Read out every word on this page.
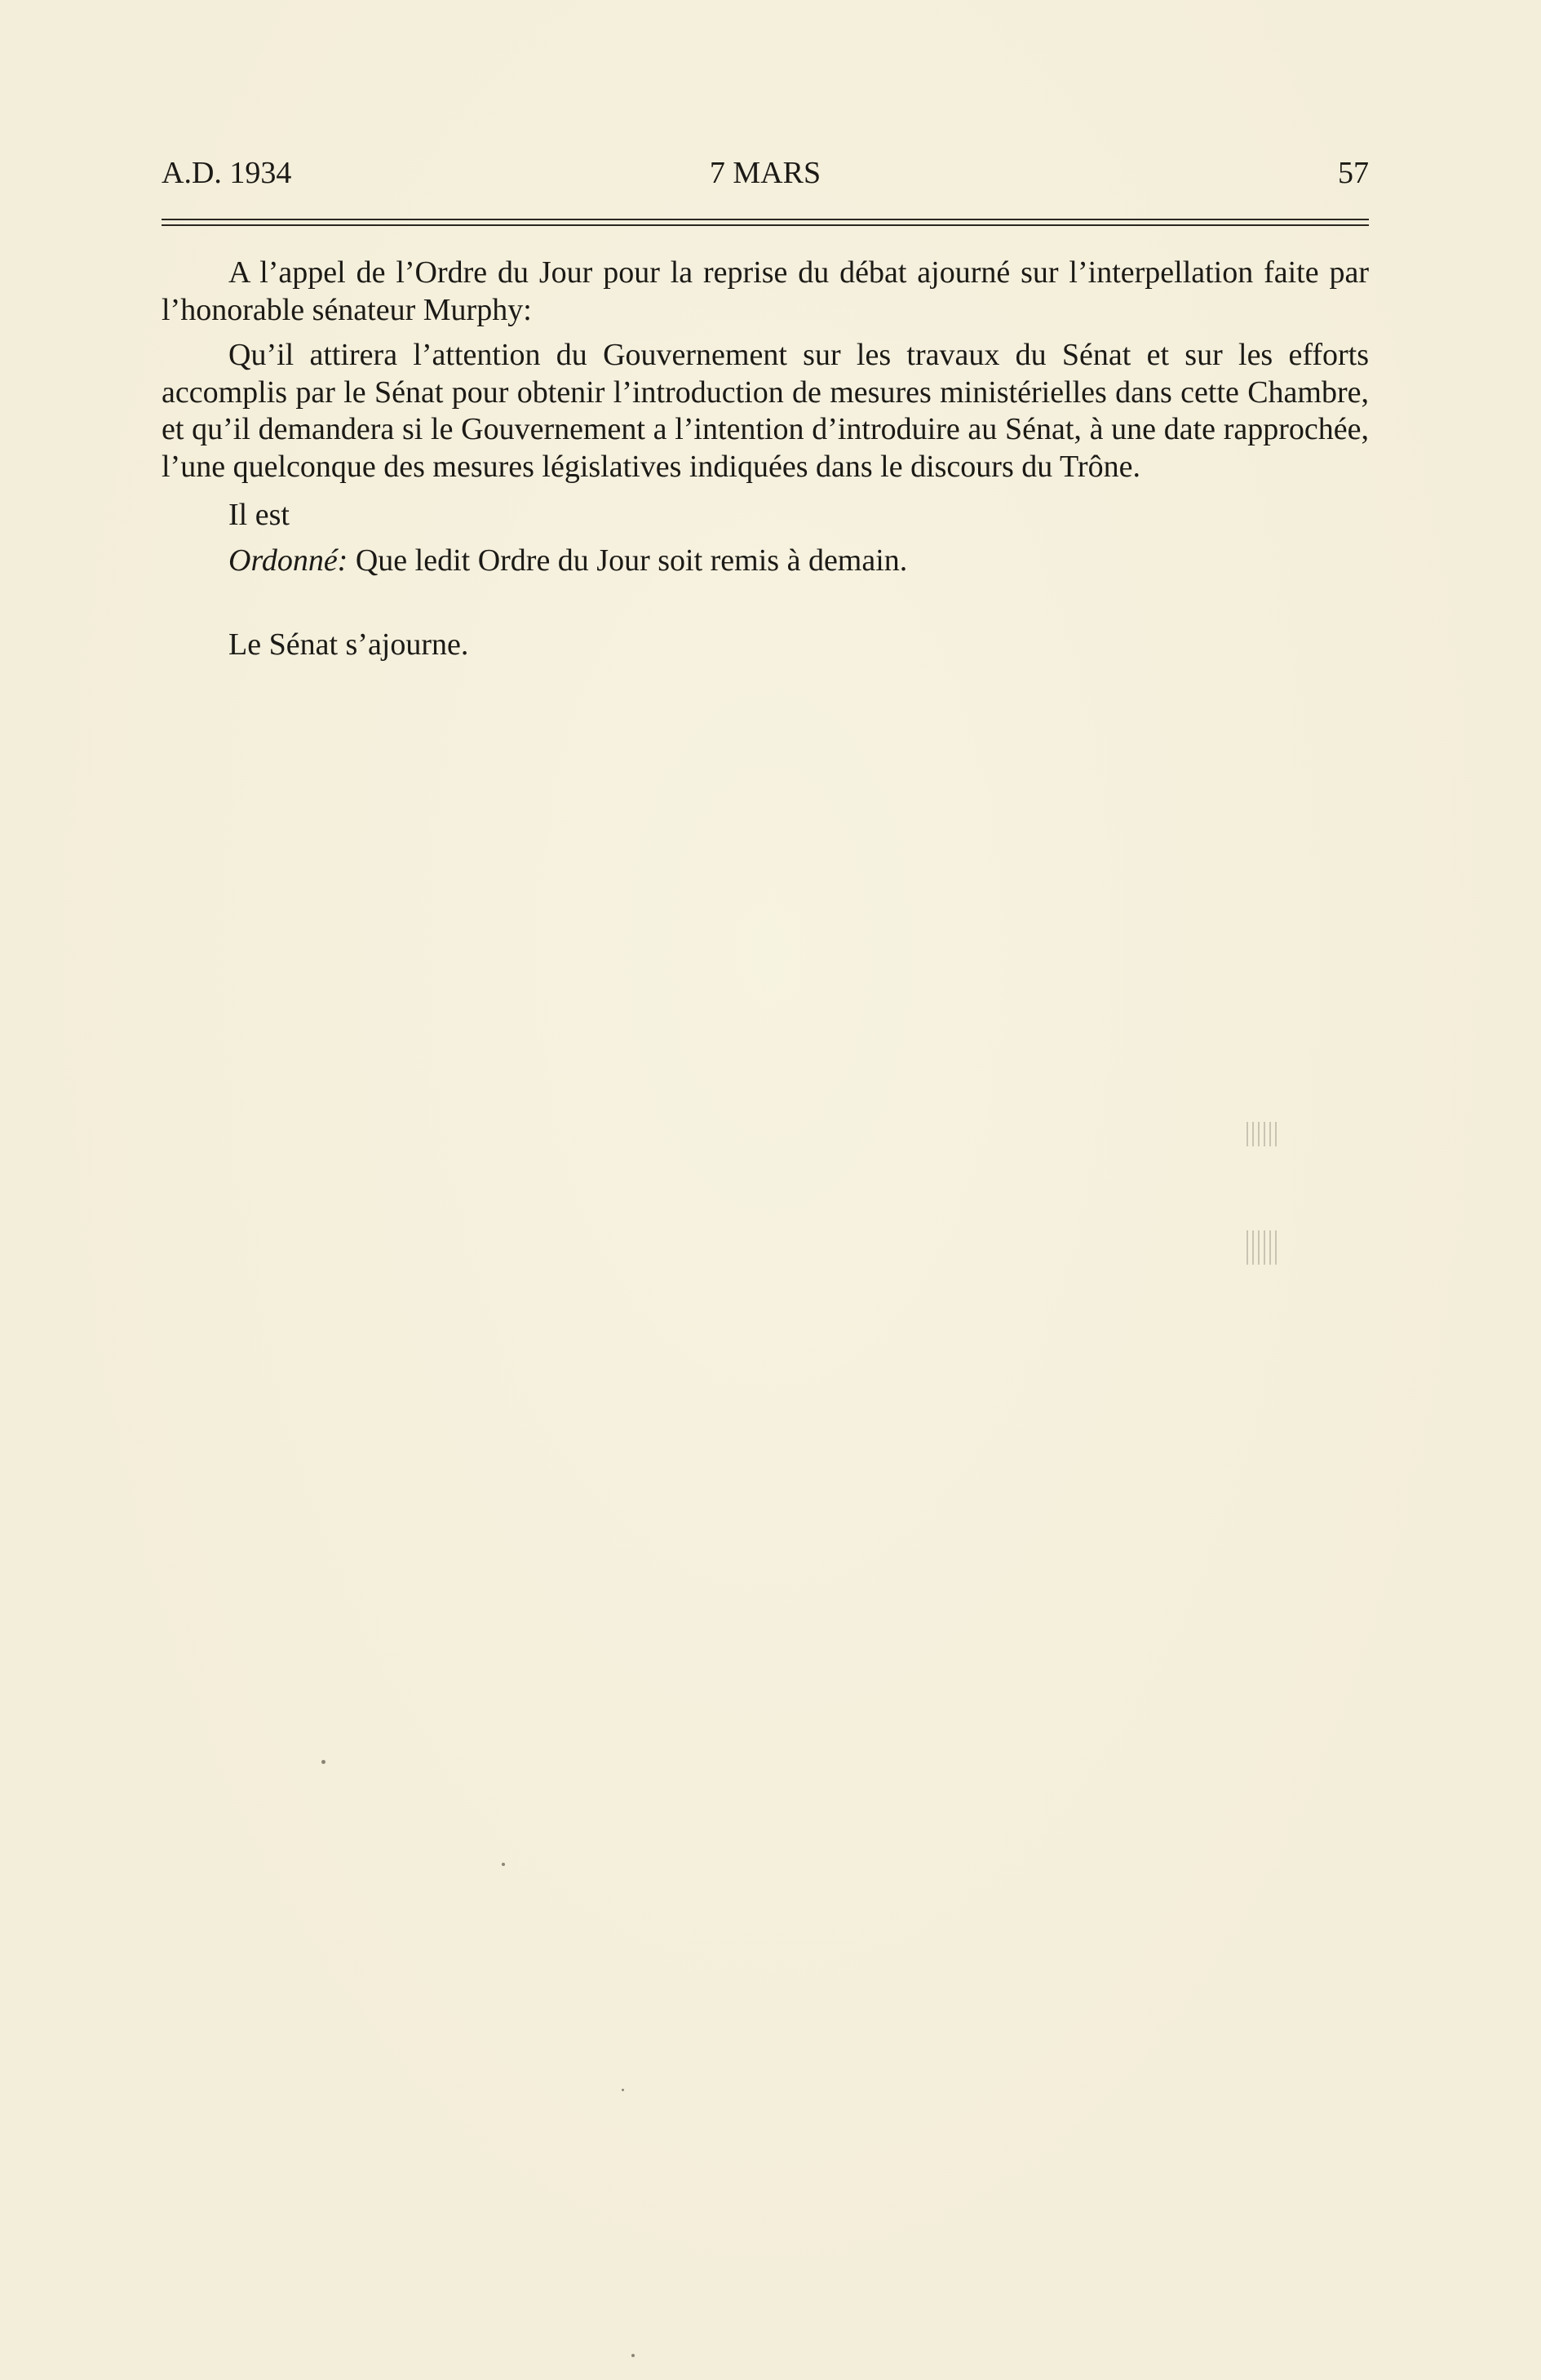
A.D. 1934	7 MARS	57

A l’appel de l’Ordre du Jour pour la reprise du débat ajourné sur l’interpellation faite par l’honorable sénateur Murphy:

Qu’il attirera l’attention du Gouvernement sur les travaux du Sénat et sur les efforts accomplis par le Sénat pour obtenir l’introduction de mesures ministérielles dans cette Chambre, et qu’il demandera si le Gouvernement a l’intention d’introduire au Sénat, à une date rapprochée, l’une quelconque des mesures législatives indiquées dans le discours du Trône.

Il est

Ordonné: Que ledit Ordre du Jour soit remis à demain.

Le Sénat s’ajourne.
